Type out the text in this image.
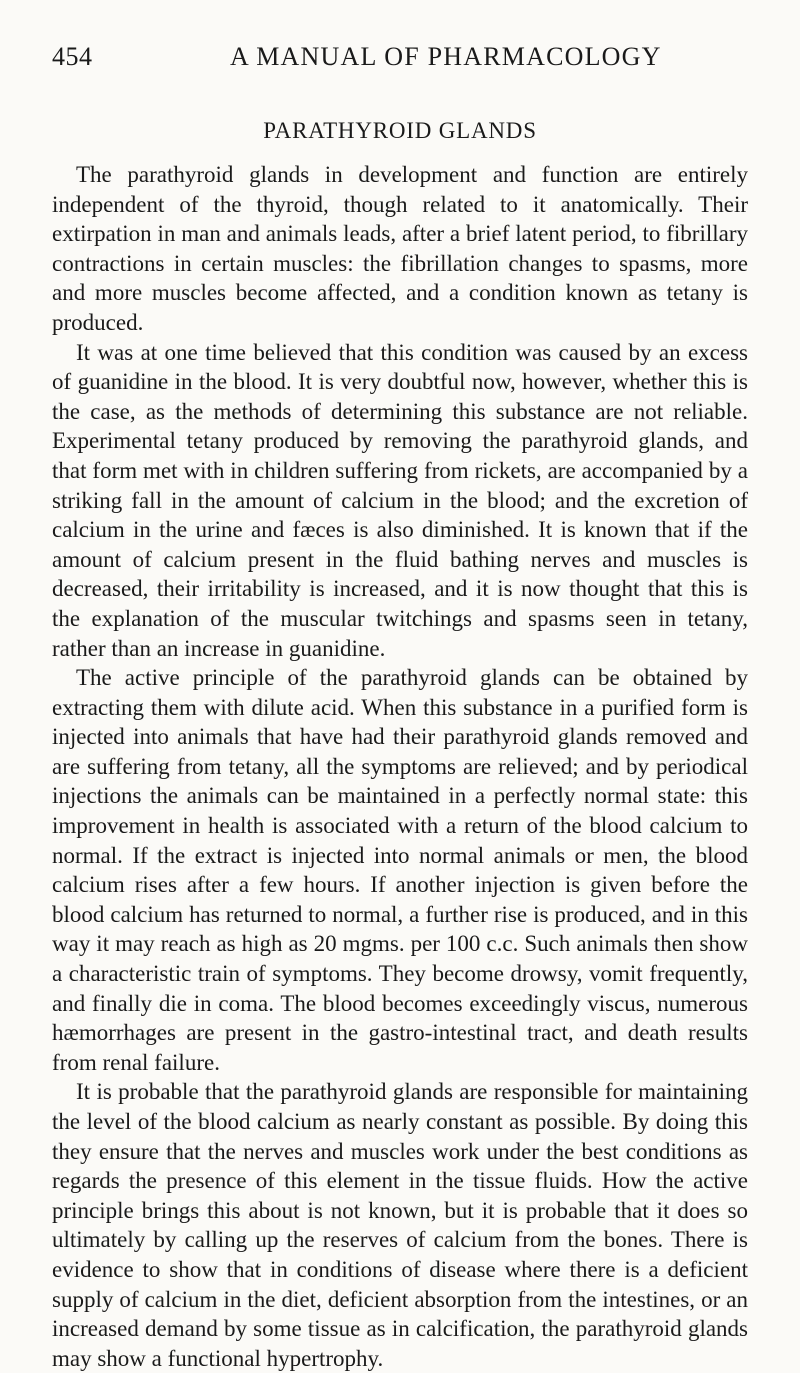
454	A MANUAL OF PHARMACOLOGY
PARATHYROID GLANDS

The parathyroid glands in development and function are entirely independent of the thyroid, though related to it anatomically. Their extirpation in man and animals leads, after a brief latent period, to fibrillary contractions in certain muscles: the fibrillation changes to spasms, more and more muscles become affected, and a condition known as tetany is produced.

It was at one time believed that this condition was caused by an excess of guanidine in the blood. It is very doubtful now, however, whether this is the case, as the methods of determining this substance are not reliable. Experimental tetany produced by removing the parathyroid glands, and that form met with in children suffering from rickets, are accompanied by a striking fall in the amount of calcium in the blood; and the excretion of calcium in the urine and fæces is also diminished. It is known that if the amount of calcium present in the fluid bathing nerves and muscles is decreased, their irritability is increased, and it is now thought that this is the explanation of the muscular twitchings and spasms seen in tetany, rather than an increase in guanidine.

The active principle of the parathyroid glands can be obtained by extracting them with dilute acid. When this substance in a purified form is injected into animals that have had their parathyroid glands removed and are suffering from tetany, all the symptoms are relieved; and by periodical injections the animals can be maintained in a perfectly normal state: this improvement in health is associated with a return of the blood calcium to normal. If the extract is injected into normal animals or men, the blood calcium rises after a few hours. If another injection is given before the blood calcium has returned to normal, a further rise is produced, and in this way it may reach as high as 20 mgms. per 100 c.c. Such animals then show a characteristic train of symptoms. They become drowsy, vomit frequently, and finally die in coma. The blood becomes exceedingly viscus, numerous hæmorrhages are present in the gastro-intestinal tract, and death results from renal failure.

It is probable that the parathyroid glands are responsible for maintaining the level of the blood calcium as nearly constant as possible. By doing this they ensure that the nerves and muscles work under the best conditions as regards the presence of this element in the tissue fluids. How the active principle brings this about is not known, but it is probable that it does so ultimately by calling up the reserves of calcium from the bones. There is evidence to show that in conditions of disease where there is a deficient supply of calcium in the diet, deficient absorption from the intestines, or an increased demand by some tissue as in calcification, the parathyroid glands may show a functional hypertrophy.
